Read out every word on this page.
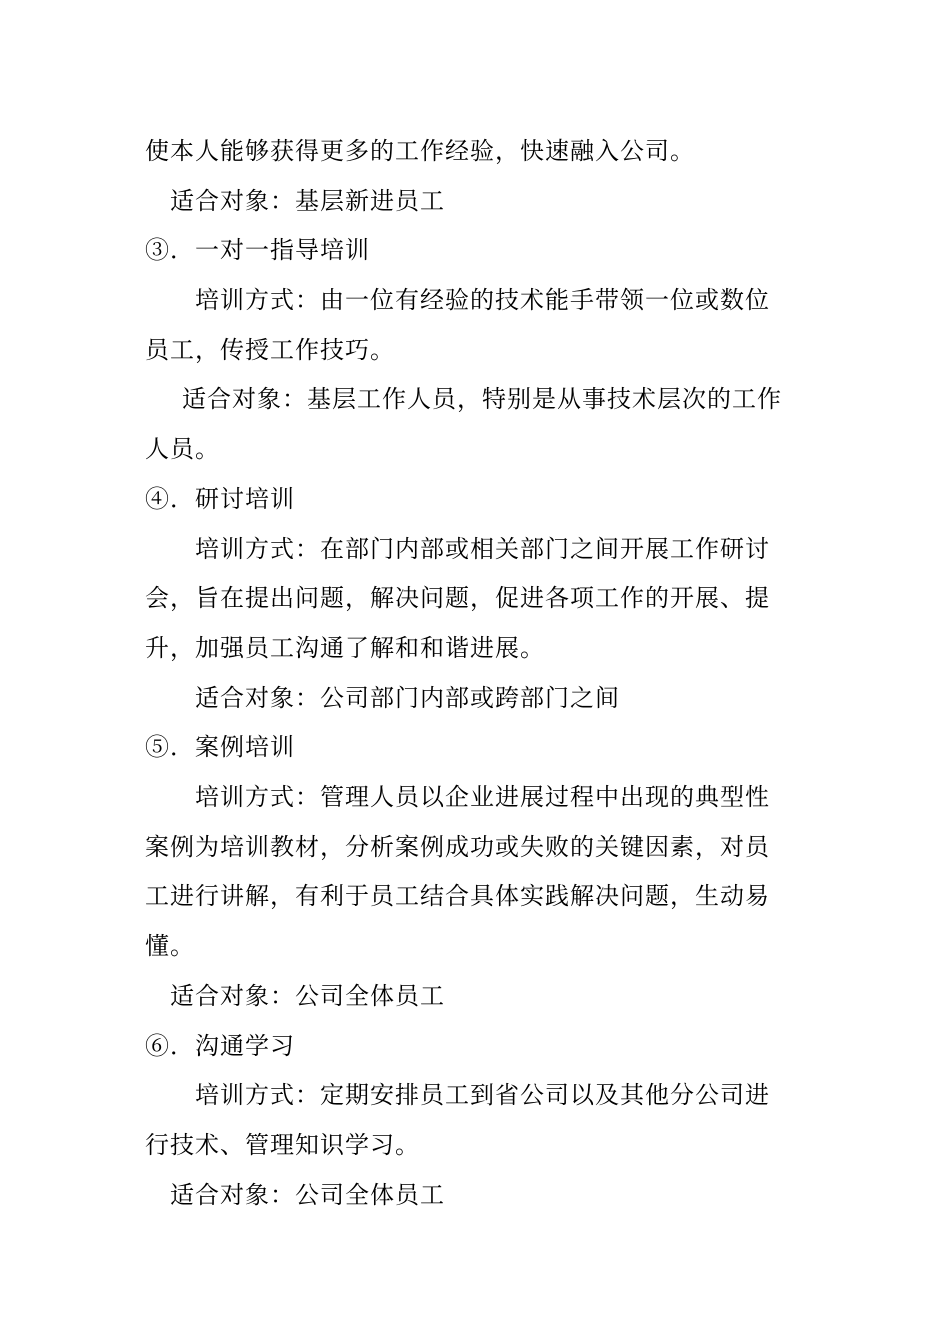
使本人能够获得更多的工作经验，快速融入公司。
适合对象：基层新进员工
③．一对一指导培训
培训方式：由一位有经验的技术能手带领一位或数位
员工，传授工作技巧。
适合对象：基层工作人员，特别是从事技术层次的工作
人员。
④．研讨培训
培训方式：在部门内部或相关部门之间开展工作研讨
会，旨在提出问题，解决问题，促进各项工作的开展、提
升，加强员工沟通了解和和谐进展。
适合对象：公司部门内部或跨部门之间
⑤．案例培训
培训方式：管理人员以企业进展过程中出现的典型性
案例为培训教材，分析案例成功或失败的关键因素，对员
工进行讲解，有利于员工结合具体实践解决问题，生动易
懂。
适合对象：公司全体员工
⑥．沟通学习
培训方式：定期安排员工到省公司以及其他分公司进
行技术、管理知识学习。
适合对象：公司全体员工
